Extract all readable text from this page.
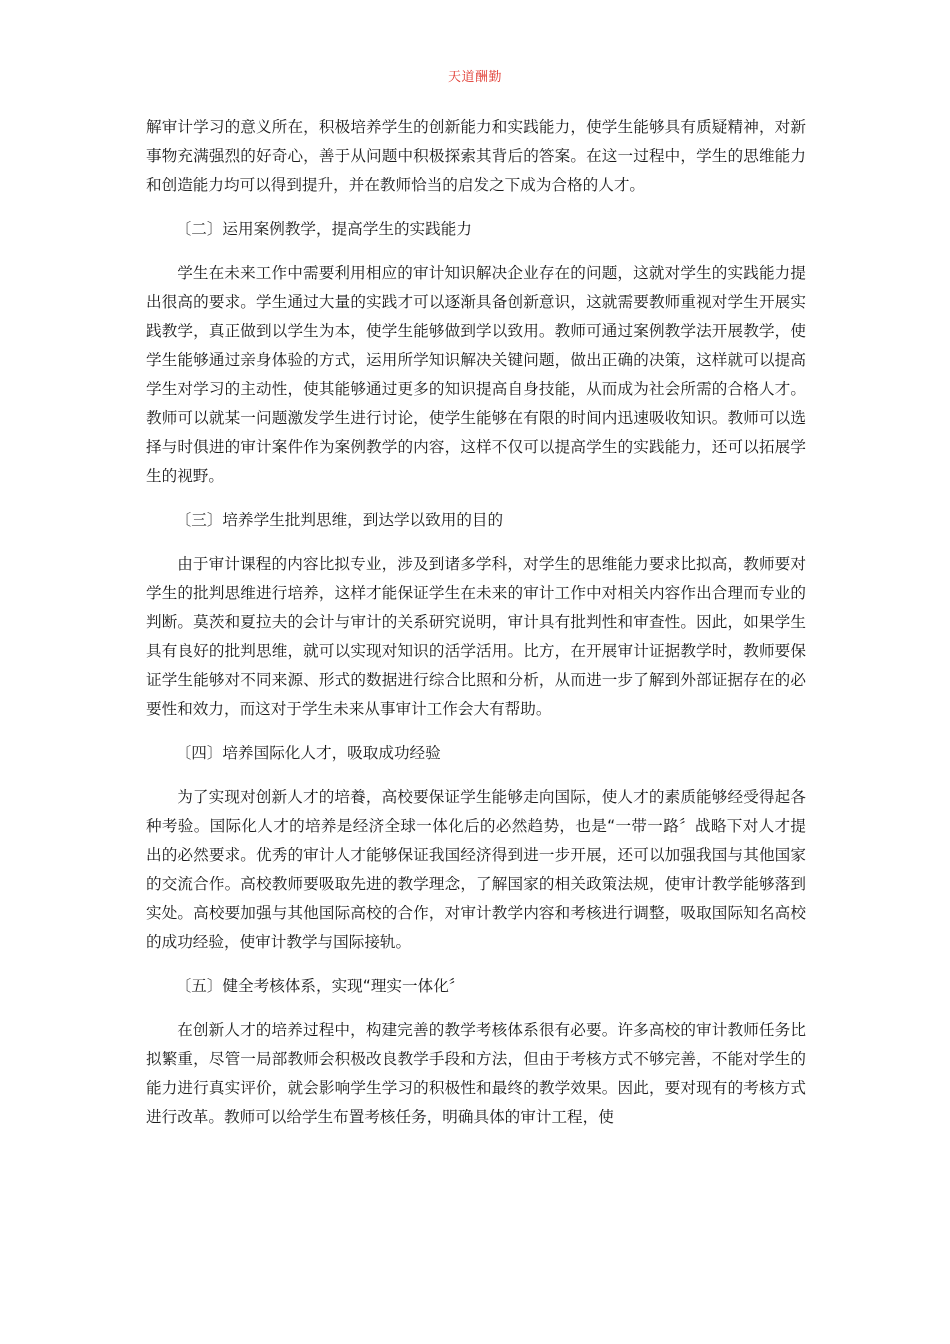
天道酬勤

解审计学习的意义所在，积极培养学生的创新能力和实践能力，使学生能够具有质疑精神，对新事物充满强烈的好奇心，善于从问题中积极探索其背后的答案。在这一过程中，学生的思维能力和创造能力均可以得到提升，并在教师恰当的启发之下成为合格的人才。

〔二〕运用案例教学，提高学生的实践能力

学生在未来工作中需要利用相应的审计知识解决企业存在的问题，这就对学生的实践能力提出很高的要求。学生通过大量的实践才可以逐渐具备创新意识，这就需要教师重视对学生开展实践教学，真正做到以学生为本，使学生能够做到学以致用。教师可通过案例教学法开展教学，使学生能够通过亲身体验的方式，运用所学知识解决关键问题，做出正确的决策，这样就可以提高学生对学习的主动性，使其能够通过更多的知识提高自身技能，从而成为社会所需的合格人才。教师可以就某一问题激发学生进行讨论，使学生能够在有限的时间内迅速吸收知识。教师可以选择与时俱进的审计案件作为案例教学的内容，这样不仅可以提高学生的实践能力，还可以拓展学生的视野。

〔三〕培养学生批判思维，到达学以致用的目的

由于审计课程的内容比拟专业，涉及到诸多学科，对学生的思维能力要求比拟高，教师要对学生的批判思维进行培养，这样才能保证学生在未来的审计工作中对相关内容作出合理而专业的判断。莫茨和夏拉夫的会计与审计的关系研究说明，审计具有批判性和审查性。因此，如果学生具有良好的批判思维，就可以实现对知识的活学活用。比方，在开展审计证据教学时，教师要保证学生能够对不同来源、形式的数据进行综合比照和分析，从而进一步了解到外部证据存在的必要性和效力，而这对于学生未来从事审计工作会大有帮助。

〔四〕培养国际化人才，吸取成功经验

为了实现对创新人才的培養，高校要保证学生能够走向国际，使人才的素质能够经受得起各种考验。国际化人才的培养是经济全球一体化后的必然趋势，也是“一带一路〞战略下对人才提出的必然要求。优秀的审计人才能够保证我国经济得到进一步开展，还可以加强我国与其他国家的交流合作。高校教师要吸取先进的教学理念，了解国家的相关政策法规，使审计教学能够落到实处。高校要加强与其他国际高校的合作，对审计教学内容和考核进行调整，吸取国际知名高校的成功经验，使审计教学与国际接轨。

〔五〕健全考核体系，实现“理实一体化〞

在创新人才的培养过程中，构建完善的教学考核体系很有必要。许多高校的审计教师任务比拟繁重，尽管一局部教师会积极改良教学手段和方法，但由于考核方式不够完善，不能对学生的能力进行真实评价，就会影响学生学习的积极性和最终的教学效果。因此，要对现有的考核方式进行改革。教师可以给学生布置考核任务，明确具体的审计工程，使
